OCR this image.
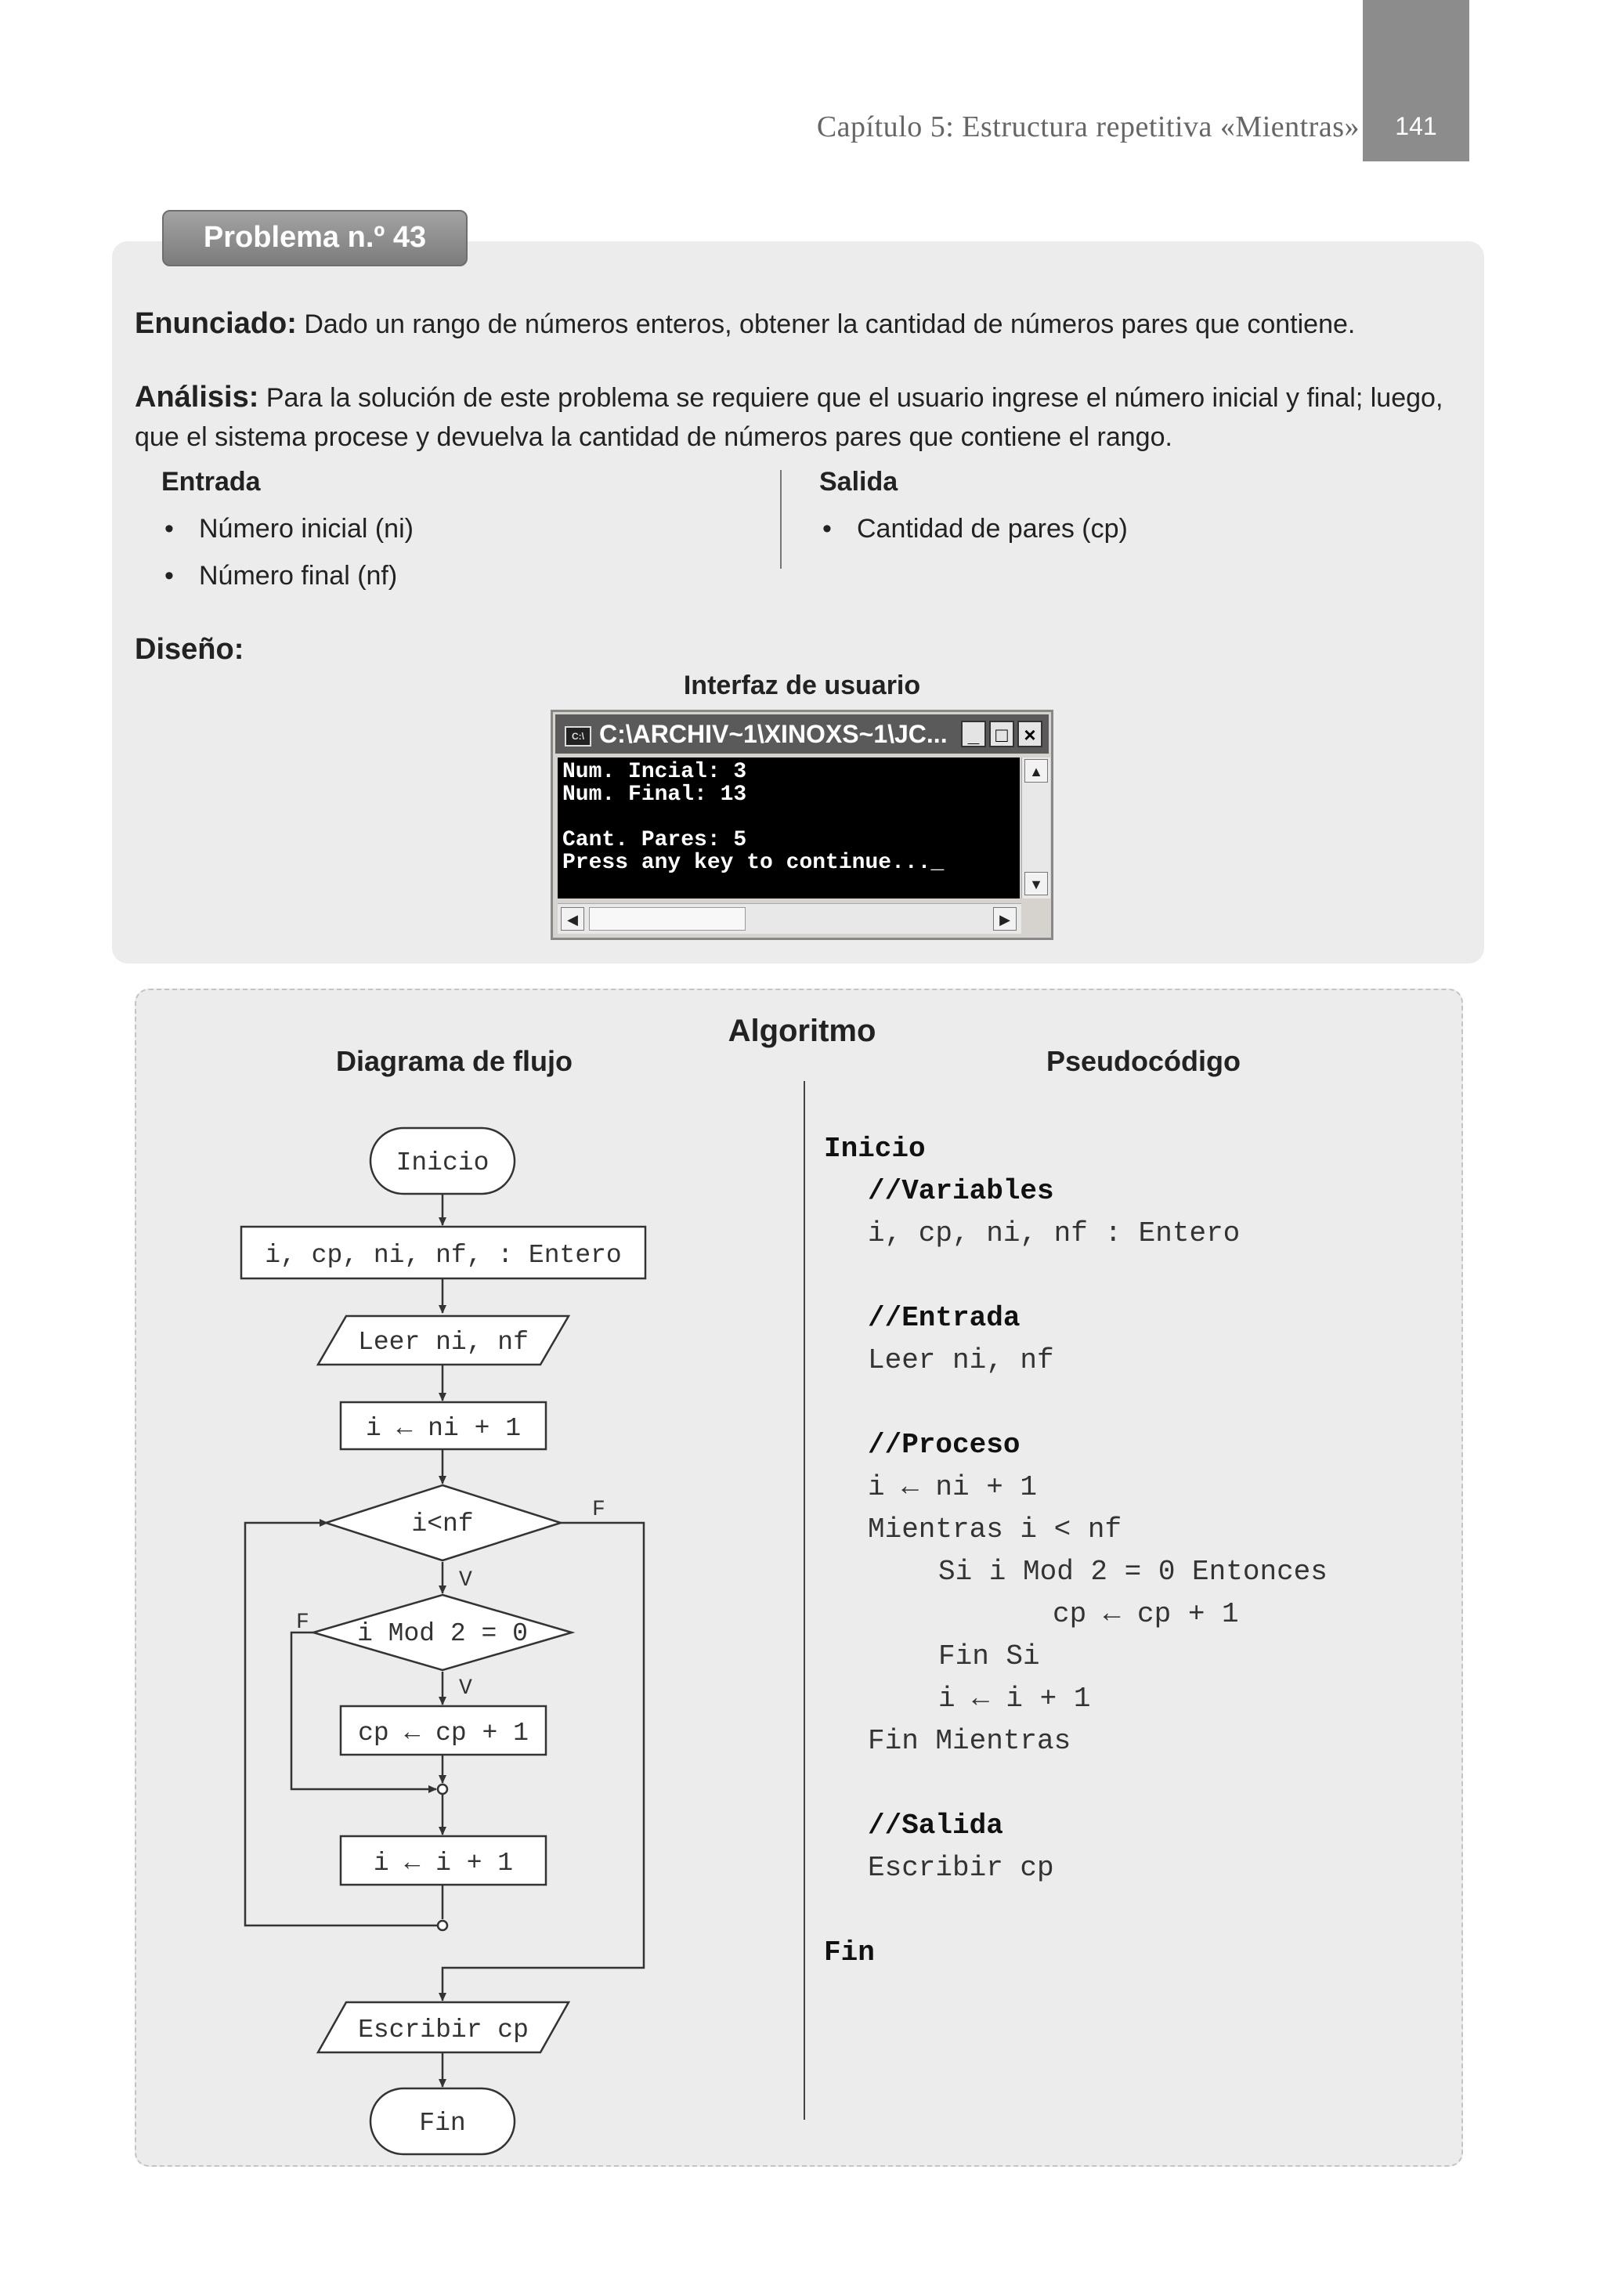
Capítulo 5: Estructura repetitiva «Mientras»	141
Problema n.º 43
Enunciado: Dado un rango de números enteros, obtener la cantidad de números pares que contiene.
Análisis: Para la solución de este problema se requiere que el usuario ingrese el número inicial y final; luego, que el sistema procese y devuelva la cantidad de números pares que contiene el rango.
Entrada
• Número inicial (ni)
• Número final (nf)
Salida
• Cantidad de pares (cp)
Diseño:
Interfaz de usuario
C:\ C:\ARCHIV~1\XINOXS~1\JC...	_ □ ×
Num. Incial: 3
Num. Final: 13
Cant. Pares: 5
Press any key to continue..._
▲
▼
◀	▶
Algoritmo
Diagrama de flujo	Pseudocódigo
Inicio
i, cp, ni, nf, : Entero
Leer ni, nf
i ← ni + 1
i<nf
i Mod 2 = 0
cp ← cp + 1
i ← i + 1
Escribir cp
Fin
V
F
V
F

Inicio

//Variables

i, cp, ni, nf : Entero

//Entrada

Leer ni, nf

//Proceso

i ← ni + 1

Mientras i < nf

Si i Mod 2 = 0 Entonces

cp ← cp + 1

Fin Si

i ← i + 1

Fin Mientras

//Salida

Escribir cp

Fin
